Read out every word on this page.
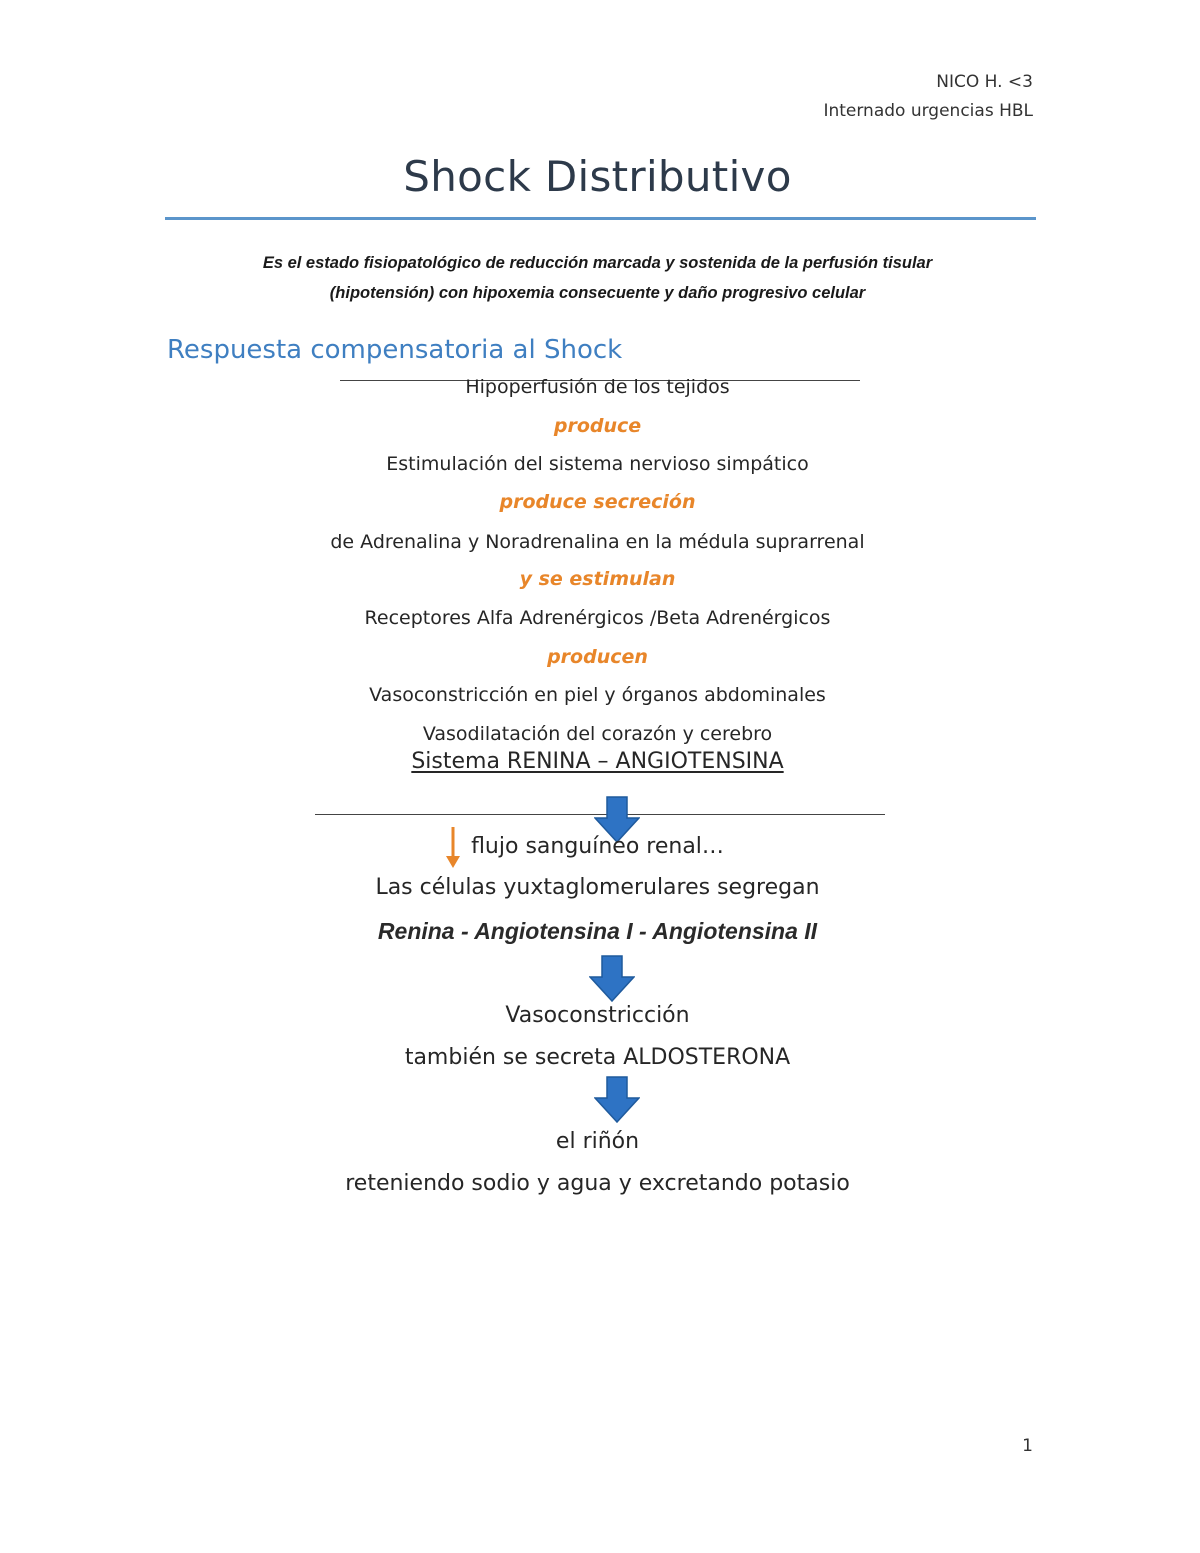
NICO H. <3
Internado urgencias HBL
Shock Distributivo
Es el estado fisiopatológico de reducción marcada y sostenida de la perfusión tisular
(hipotensión) con hipoxemia consecuente y daño progresivo celular
Respuesta compensatoria al Shock
Hipoperfusión de los tejidos
produce
Estimulación del sistema nervioso simpático
produce secreción
de Adrenalina y Noradrenalina en la médula suprarrenal
y se estimulan
Receptores Alfa Adrenérgicos /Beta Adrenérgicos
producen
Vasoconstricción en piel y órganos abdominales
Vasodilatación del corazón y cerebro
Sistema RENINA – ANGIOTENSINA
flujo sanguíneo renal…
Las células yuxtaglomerulares segregan
Renina - Angiotensina I - Angiotensina II
Vasoconstricción
también se secreta ALDOSTERONA
el riñón
reteniendo sodio y agua y excretando potasio
1
